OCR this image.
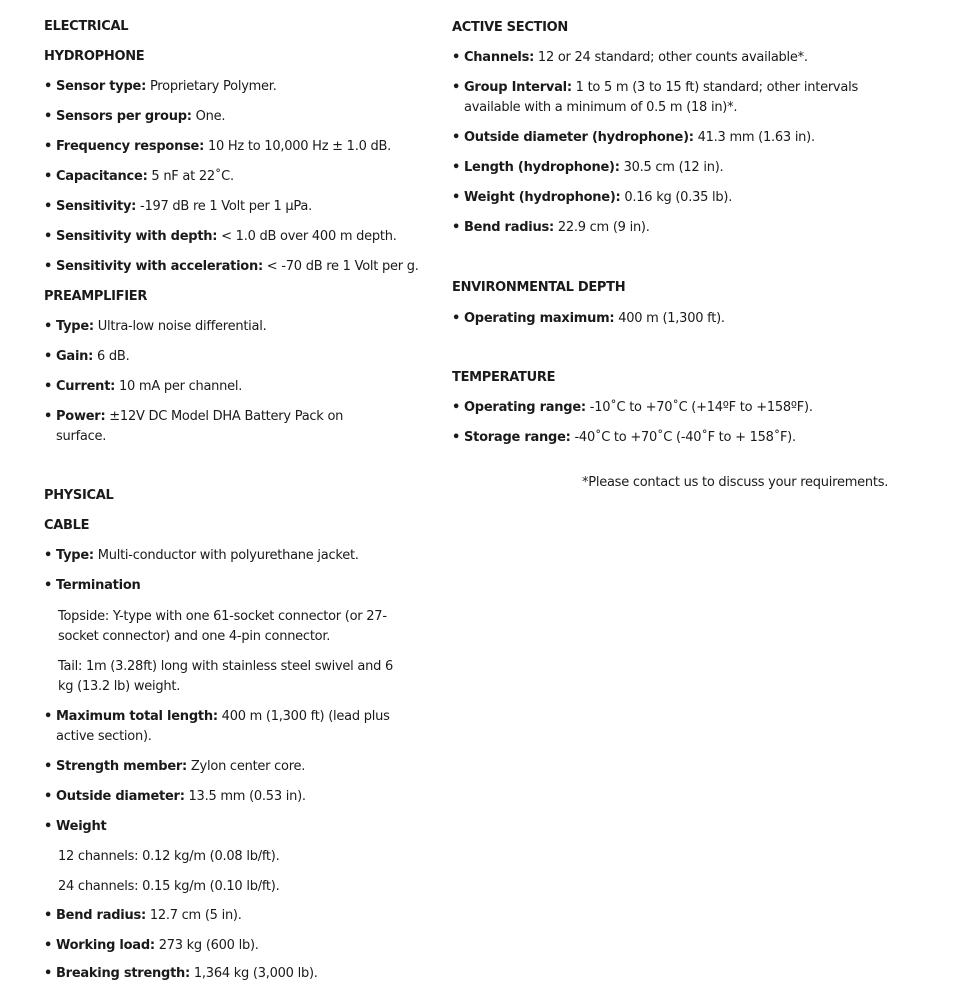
ELECTRICAL
HYDROPHONE
• Sensor type: Proprietary Polymer.
• Sensors per group: One.
• Frequency response: 10 Hz to 10,000 Hz ± 1.0 dB.
• Capacitance: 5 nF at 22˚C.
• Sensitivity: -197 dB re 1 Volt per 1 μPa.
• Sensitivity with depth: < 1.0 dB over 400 m depth.
• Sensitivity with acceleration: < -70 dB re 1 Volt per g.
PREAMPLIFIER
• Type: Ultra-low noise differential.
• Gain: 6 dB.
• Current: 10 mA per channel.
• Power: ±12V DC Model DHA Battery Pack on surface.
PHYSICAL
CABLE
• Type: Multi-conductor with polyurethane jacket.
• Termination
Topside: Y-type with one 61-socket connector (or 27-socket connector) and one 4-pin connector.
Tail: 1m (3.28ft) long with stainless steel swivel and 6 kg (13.2 lb) weight.
• Maximum total length: 400 m (1,300 ft) (lead plus active section).
• Strength member: Zylon center core.
• Outside diameter: 13.5 mm (0.53 in).
• Weight
12 channels: 0.12 kg/m (0.08 lb/ft).
24 channels: 0.15 kg/m (0.10 lb/ft).
• Bend radius: 12.7 cm (5 in).
• Working load: 273 kg (600 lb).
• Breaking strength: 1,364 kg (3,000 lb).
ACTIVE SECTION
• Channels: 12 or 24 standard; other counts available*.
• Group Interval: 1 to 5 m (3 to 15 ft) standard; other intervals available with a minimum of 0.5 m (18 in)*.
• Outside diameter (hydrophone): 41.3 mm (1.63 in).
• Length (hydrophone): 30.5 cm (12 in).
• Weight (hydrophone): 0.16 kg (0.35 lb).
• Bend radius: 22.9 cm (9 in).
ENVIRONMENTAL DEPTH
• Operating maximum: 400 m (1,300 ft).
TEMPERATURE
• Operating range: -10˚C to +70˚C (+14ºF to +158ºF).
• Storage range: -40˚C to +70˚C (-40˚F to + 158˚F).
*Please contact us to discuss your requirements.
